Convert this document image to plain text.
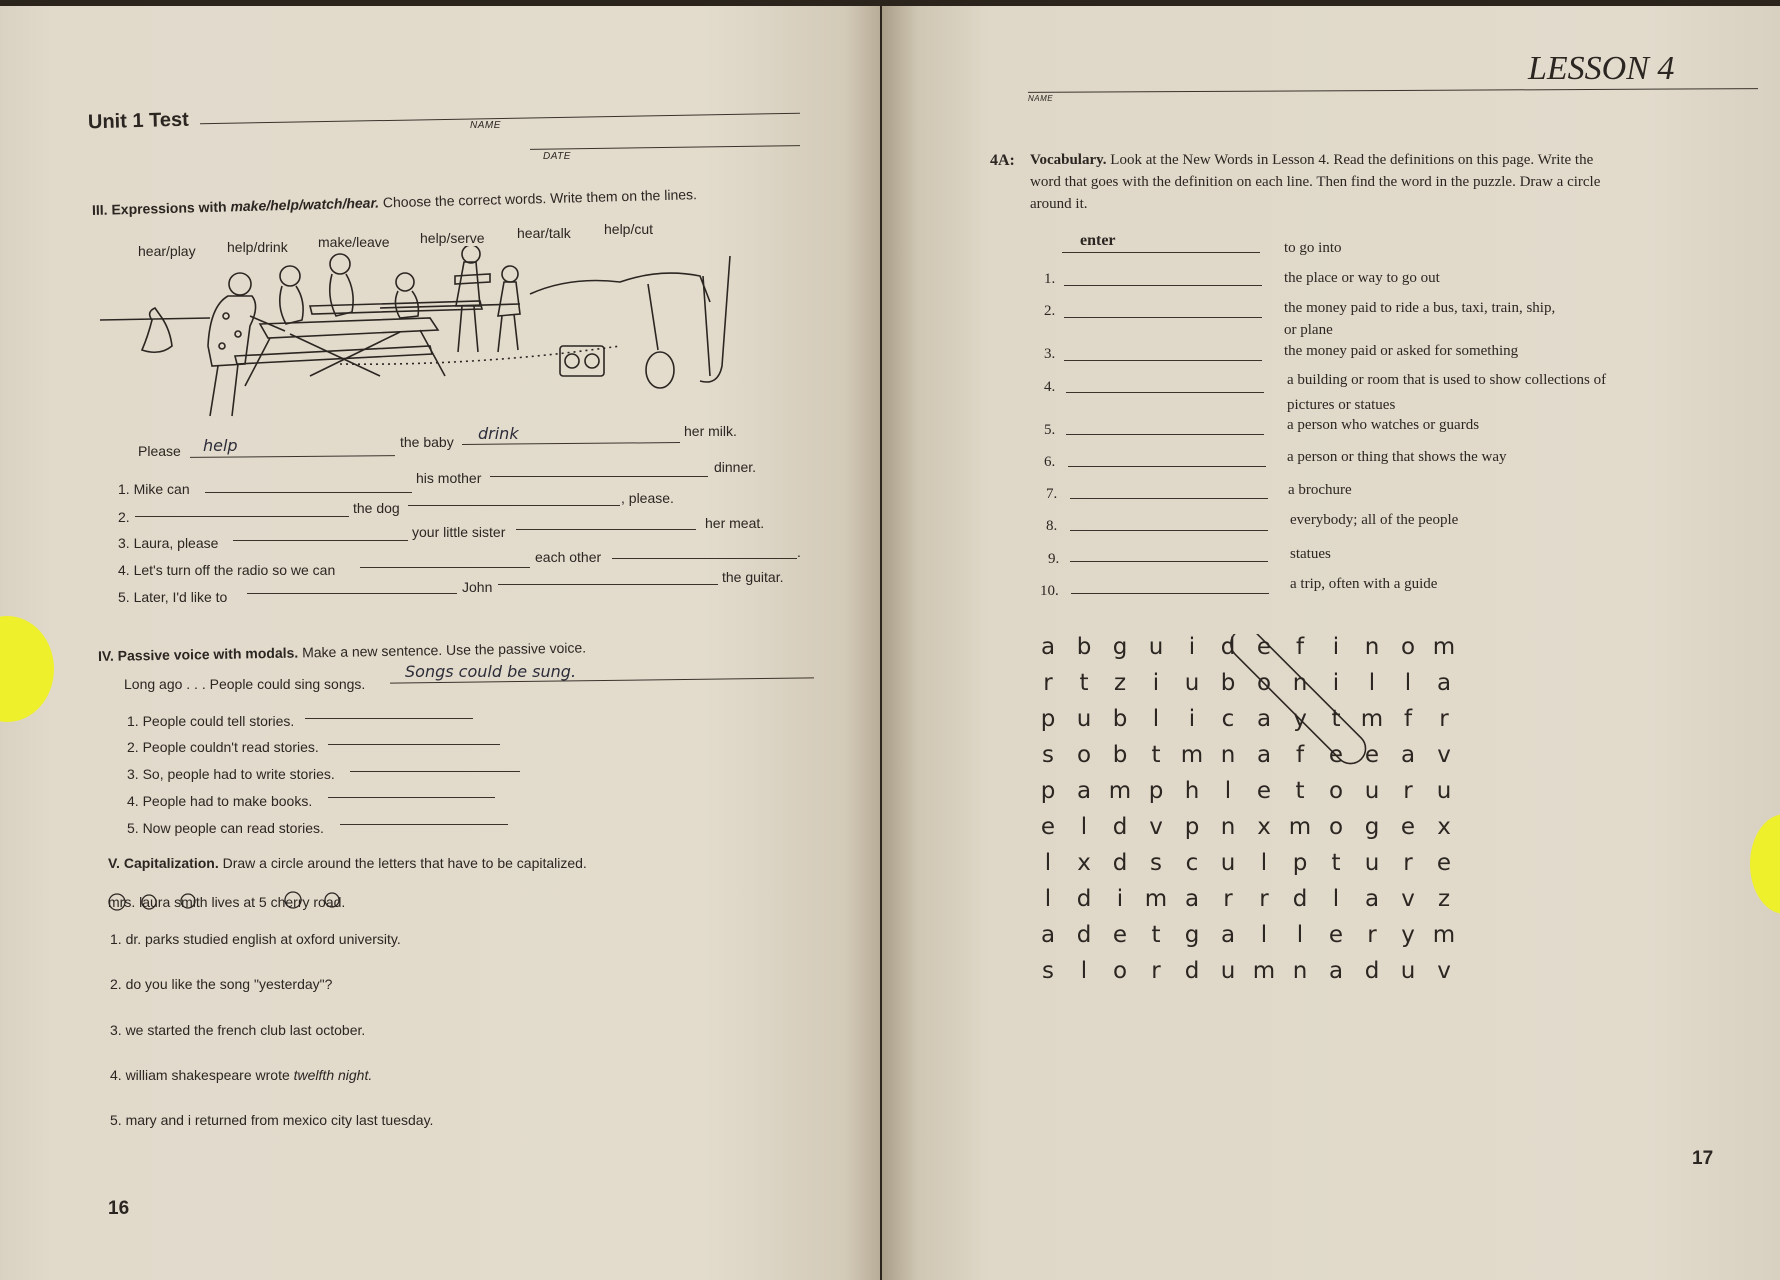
Unit 1 Test	NAME
DATE
III. Expressions with make/help/watch/hear. Choose the correct words. Write them on the lines.
hear/play help/drink make/leave help/serve hear/talk help/cut
Please help	the baby drink	her milk.
1. Mike can
his mother
dinner.
2.
the dog
, please.
3. Laura, please
your little sister
her meat.
4. Let's turn off the radio so we can
each other	.
5. Later, I'd like to
John
the guitar.
IV. Passive voice with modals. Make a new sentence. Use the passive voice.
Long ago . . . People could sing songs.
Songs could be sung.
1. People could tell stories.
2. People couldn't read stories.
3. So, people had to write stories.
4. People had to make books.
5. Now people can read stories.
V. Capitalization. Draw a circle around the letters that have to be capitalized.
mrs. laura smith lives at 5 cherry road.
1. dr. parks studied english at oxford university.
2. do you like the song "yesterday"?
3. we started the french club last october.
4. william shakespeare wrote twelfth night.
5. mary and i returned from mexico city last tuesday.
16
LESSON 4
NAME
4A: Vocabulary. Look at the New Words in Lesson 4. Read the definitions on this page. Write the
word that goes with the definition on each line. Then find the word in the puzzle. Draw a circle
around it.
enter	to go into
1.	the place or way to go out
2.	the money paid to ride a bus, taxi, train, ship,
or plane
3.	the money paid or asked for something
4.	a building or room that is used to show collections of
pictures or statues
5.	a person who watches or guards
6.	a person or thing that shows the way
7.	a brochure
8.	everybody; all of the people
9.	statues
10.	a trip, often with a guide
a b g u	i	d e	f	i	n o m
r	t	z	i	u b o n	i	l	l	a
p u b	l	i	c a y	t m f	r
s o b	t m n a	f	e e a v
p a m p h	l	e	t	o u	r	u
e	l	d v p n x m o g e x
l	x d s	c u	l	p	t	u	r	e
l	d	i m a	r	r	d	l	a v	z
a d e	t	g a	l	l	e	r	y m
s	l	o	r	d u m n a d u v
17
